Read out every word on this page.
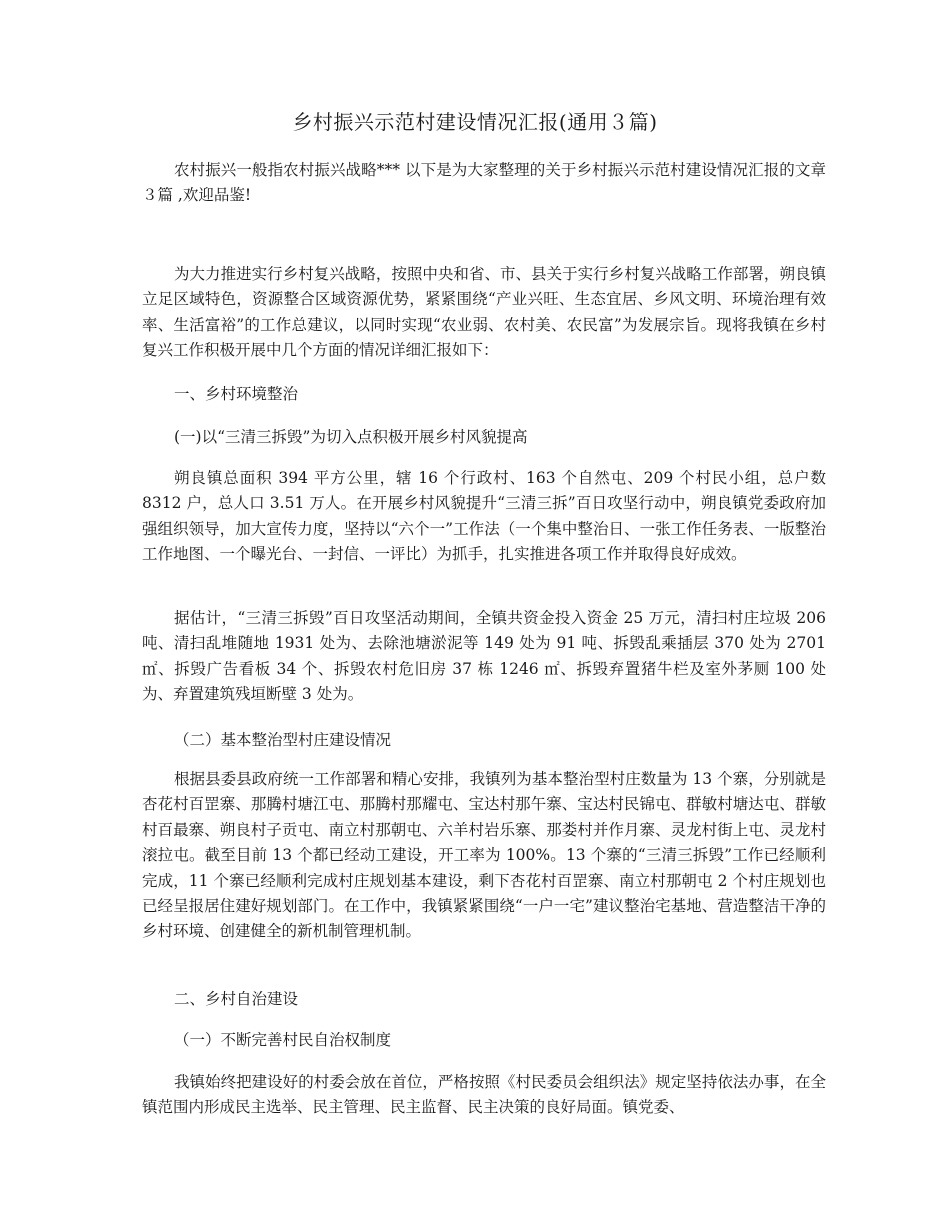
乡村振兴示范村建设情况汇报(通用３篇)

农村振兴一般指农村振兴战略*** 以下是为大家整理的关于乡村振兴示范村建设情况汇报的文章３篇 ,欢迎品鉴!

为大力推进实行乡村复兴战略，按照中央和省、市、县关于实行乡村复兴战略工作部署，朔良镇立足区域特色，资源整合区域资源优势，紧紧围绕“产业兴旺、生态宜居、乡风文明、环境治理有效率、生活富裕”的工作总建议，以同时实现“农业弱、农村美、农民富”为发展宗旨。现将我镇在乡村复兴工作积极开展中几个方面的情况详细汇报如下：

一、乡村环境整治

(一)以“三清三拆毁”为切入点积极开展乡村风貌提高

朔良镇总面积 394 平方公里，辖 16 个行政村、163 个自然屯、209 个村民小组，总户数 8312 户，总人口 3.51 万人。在开展乡村风貌提升“三清三拆”百日攻坚行动中，朔良镇党委政府加强组织领导，加大宣传力度，坚持以“六个一”工作法（一个集中整治日、一张工作任务表、一版整治工作地图、一个曝光台、一封信、一评比）为抓手，扎实推进各项工作并取得良好成效。

据估计，“三清三拆毁”百日攻坚活动期间，全镇共资金投入资金 25 万元，清扫村庄垃圾 206 吨、清扫乱堆随地 1931 处为、去除池塘淤泥等 149 处为 91 吨、拆毁乱乘插层 370 处为 2701 ㎡、拆毁广告看板 34 个、拆毁农村危旧房 37 栋 1246 ㎡、拆毁弃置猪牛栏及室外茅厕 100 处为、弃置建筑残垣断壁 3 处为。

（二）基本整治型村庄建设情况

根据县委县政府统一工作部署和精心安排，我镇列为基本整治型村庄数量为 13 个寨，分别就是杏花村百罡寨、那腾村塘江屯、那腾村那耀屯、宝达村那午寨、宝达村民锦屯、群敏村塘达屯、群敏村百最寨、朔良村子贡屯、南立村那朝屯、六羊村岩乐寨、那娄村并作月寨、灵龙村街上屯、灵龙村滚拉屯。截至目前 13 个都已经动工建设，开工率为 100%。13 个寨的“三清三拆毁”工作已经顺利完成，11 个寨已经顺利完成村庄规划基本建设，剩下杏花村百罡寨、南立村那朝屯 2 个村庄规划也已经呈报居住建好规划部门。在工作中，我镇紧紧围绕“一户一宅”建议整治宅基地、营造整洁干净的乡村环境、创建健全的新机制管理机制。

二、乡村自治建设

（一）不断完善村民自治权制度

我镇始终把建设好的村委会放在首位，严格按照《村民委员会组织法》规定坚持依法办事，在全镇范围内形成民主选举、民主管理、民主监督、民主决策的良好局面。镇党委、
